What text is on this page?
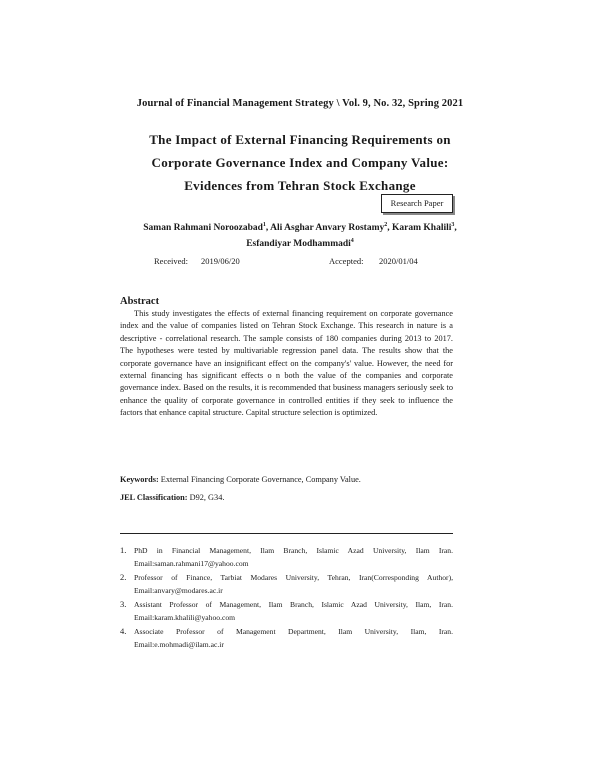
Journal of Financial Management Strategy \ Vol. 9, No. 32, Spring 2021
The Impact of External Financing Requirements on
Corporate Governance Index and Company Value:
Evidences from Tehran Stock Exchange
Research Paper
Saman Rahmani Noroozabad$^1$, Ali Asghar Anvary Rostamy$^2$, Karam Khalili$^3$,
Esfandiyar Modhammadi$^4$
Received: 2019/06/20	Accepted: 2020/01/04
Abstract
This study investigates the effects of external financing requirement on corporate governance index and the value of companies listed on Tehran Stock Exchange. This research in nature is a descriptive - correlational research. The sample consists of 180 companies during 2013 to 2017. The hypotheses were tested by multivariable regression panel data. The results show that the corporate governance have an insignificant effect on the company's' value. However, the need for external financing has significant effects o n both the value of the companies and corporate governance index. Based on the results, it is recommended that business managers seriously seek to enhance the quality of corporate governance in controlled entities if they seek to influence the factors that enhance capital structure. Capital structure selection is optimized.
Keywords: External Financing Corporate Governance, Company Value.
JEL Classification: D92, G34.
1. PhD in Financial Management, Ilam Branch, Islamic Azad University, Ilam Iran.
Email:saman.rahmani17@yahoo.com
2. Professor of Finance, Tarbiat Modares University, Tehran, Iran(Corresponding Author),
Email:anvary@modares.ac.ir
3. Assistant Professor of Management, Ilam Branch, Islamic Azad University, Ilam, Iran.
Email:karam.khalili@yahoo.com
4. Associate Professor of Management Department, Ilam University, Ilam, Iran.
Email:e.mohmadi@ilam.ac.ir
